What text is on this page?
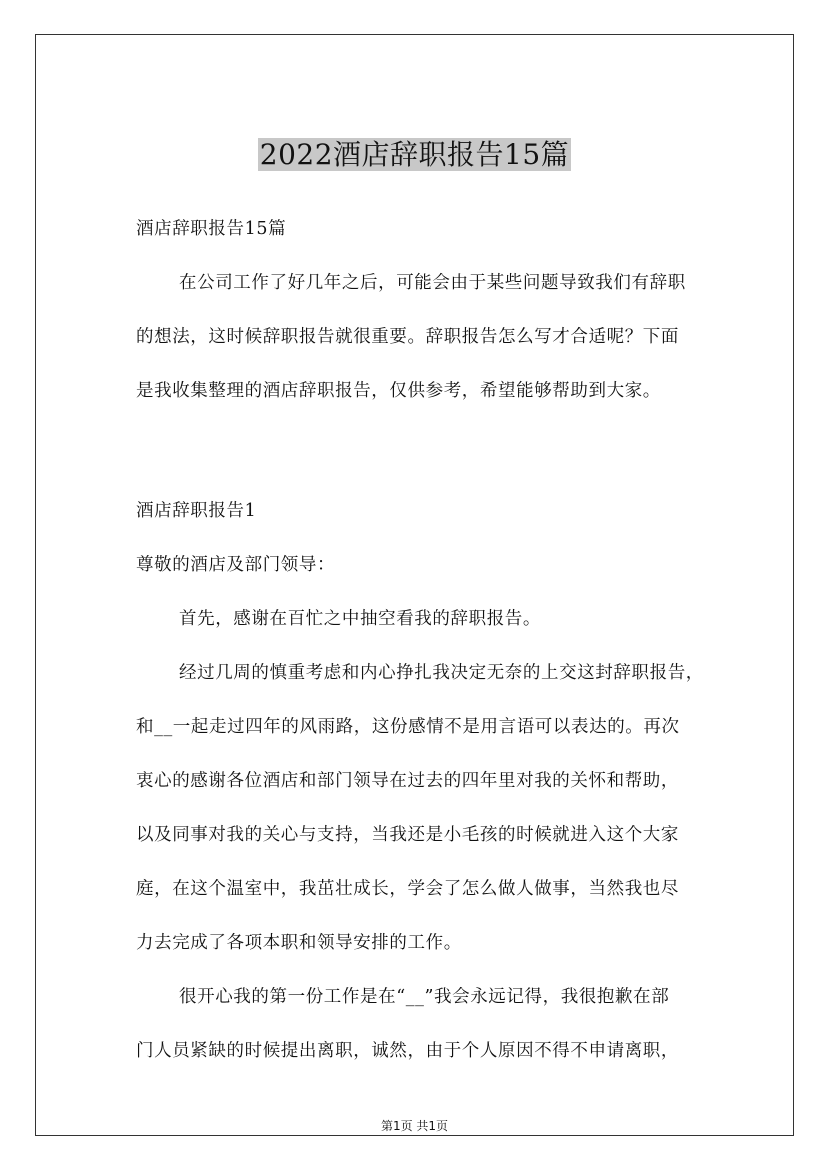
2022酒店辞职报告15篇
酒店辞职报告15篇
在公司工作了好几年之后，可能会由于某些问题导致我们有辞职
的想法，这时候辞职报告就很重要。辞职报告怎么写才合适呢？下面
是我收集整理的酒店辞职报告，仅供参考，希望能够帮助到大家。
酒店辞职报告1
尊敬的酒店及部门领导：
首先，感谢在百忙之中抽空看我的辞职报告。
经过几周的慎重考虑和内心挣扎我决定无奈的上交这封辞职报告，
和__一起走过四年的风雨路，这份感情不是用言语可以表达的。再次
衷心的感谢各位酒店和部门领导在过去的四年里对我的关怀和帮助，
以及同事对我的关心与支持，当我还是小毛孩的时候就进入这个大家
庭，在这个温室中，我茁壮成长，学会了怎么做人做事，当然我也尽
力去完成了各项本职和领导安排的工作。
很开心我的第一份工作是在“__”我会永远记得，我很抱歉在部
门人员紧缺的时候提出离职，诚然，由于个人原因不得不申请离职，
第1页 共1页
